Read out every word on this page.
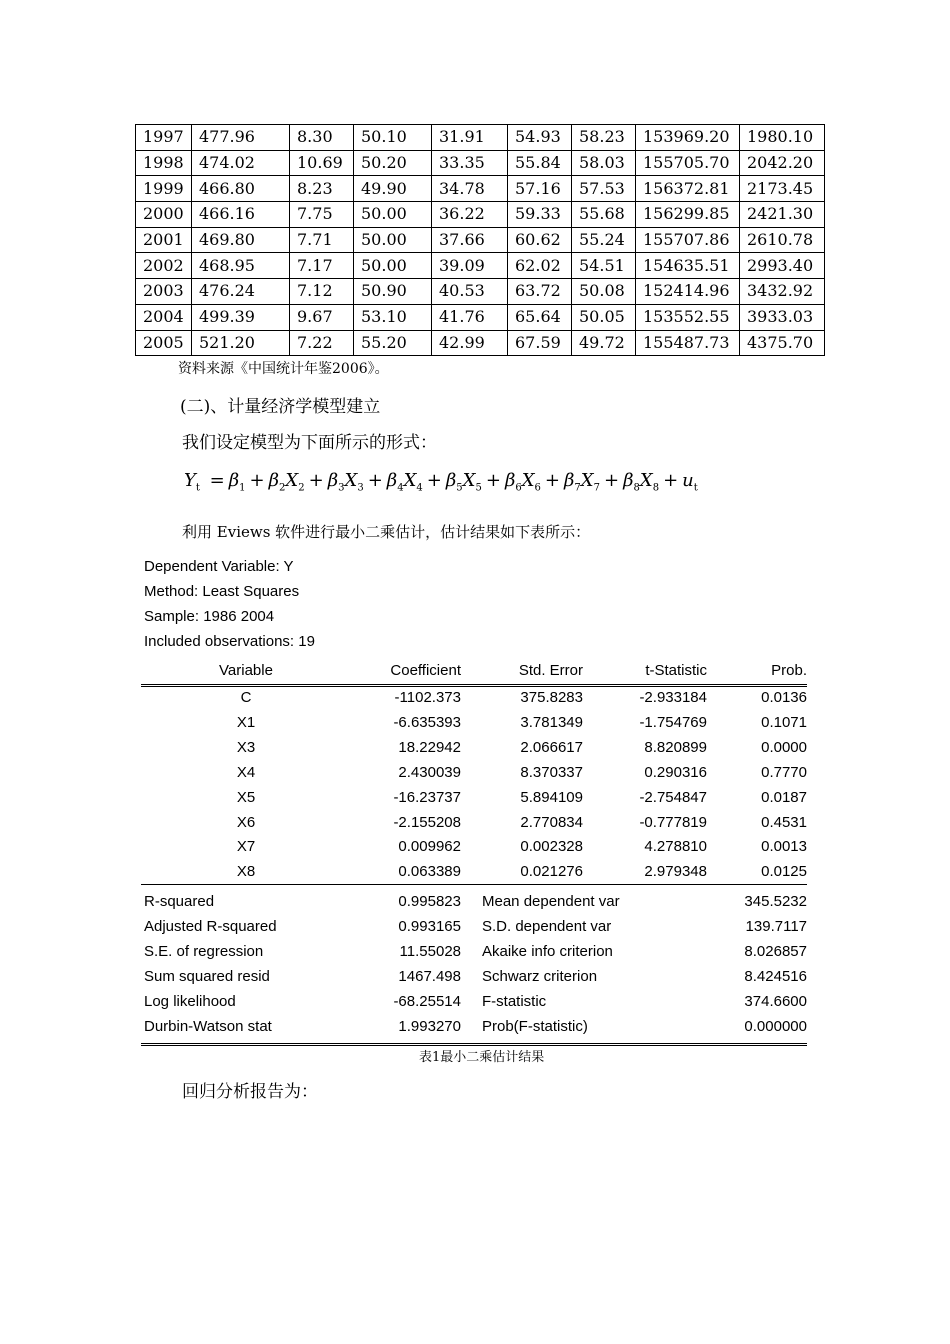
1997	477.96	8.30	50.10	31.91	54.93	58.23	153969.20	1980.10
1998	474.02	10.69	50.20	33.35	55.84	58.03	155705.70	2042.20
1999	466.80	8.23	49.90	34.78	57.16	57.53	156372.81	2173.45
2000	466.16	7.75	50.00	36.22	59.33	55.68	156299.85	2421.30
2001	469.80	7.71	50.00	37.66	60.62	55.24	155707.86	2610.78
2002	468.95	7.17	50.00	39.09	62.02	54.51	154635.51	2993.40
2003	476.24	7.12	50.90	40.53	63.72	50.08	152414.96	3432.92
2004	499.39	9.67	53.10	41.76	65.64	50.05	153552.55	3933.03
2005	521.20	7.22	55.20	42.99	67.59	49.72	155487.73	4375.70
资料来源《中国统计年鉴2006》。
(二)、计量经济学模型建立
我们设定模型为下面所示的形式：
$Y_t = \beta_1 + \beta_2X_2 + \beta_3X_3 + \beta_4X_4 + \beta_5X_5 + \beta_6X_6 + \beta_7X_7 + \beta_8X_8 + u_t$
利用 Eviews 软件进行最小二乘估计，估计结果如下表所示：
Dependent Variable: Y
Method: Least Squares
Sample: 1986 2004
Included observations: 19
Variable	Coefficient	Std. Error	t-Statistic	Prob.
C	-1102.373	375.8283	-2.933184	0.0136
X1	-6.635393	3.781349	-1.754769	0.1071
X3	18.22942	2.066617	8.820899	0.0000
X4	2.430039	8.370337	0.290316	0.7770
X5	-16.23737	5.894109	-2.754847	0.0187
X6	-2.155208	2.770834	-0.777819	0.4531
X7	0.009962	0.002328	4.278810	0.0013
X8	0.063389	0.021276	2.979348	0.0125
R-squared	0.995823 Mean dependent var	345.5232
Adjusted R-squared	0.993165 S.D. dependent var	139.7117
S.E. of regression	11.55028 Akaike info criterion	8.026857
Sum squared resid	1467.498 Schwarz criterion	8.424516
Log likelihood	-68.25514 F-statistic	374.6600
Durbin-Watson stat	1.993270 Prob(F-statistic)	0.000000
表1最小二乘估计结果
回归分析报告为：
